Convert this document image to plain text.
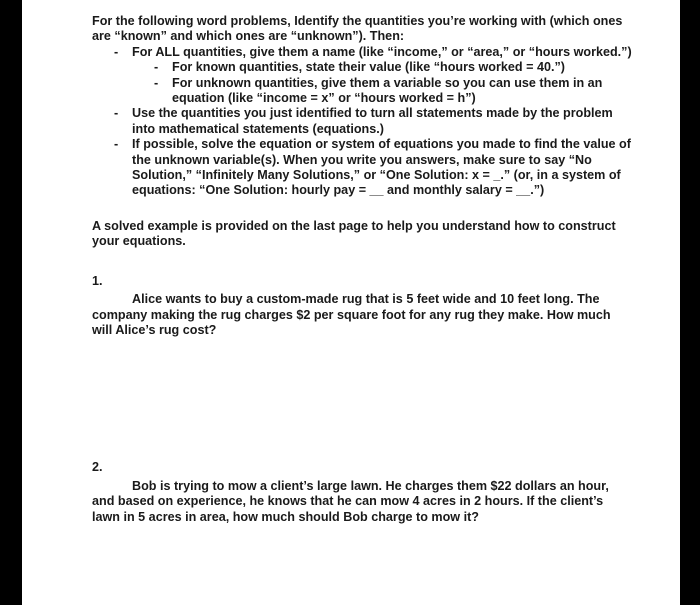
For the following word problems, Identify the quantities you’re working with (which ones are “known” and which ones are “unknown”). Then:

- For ALL quantities, give them a name (like “income,” or “area,” or “hours worked.”)
- For known quantities, state their value (like “hours worked = 40.”)
- For unknown quantities, give them a variable so you can use them in an equation (like “income = x” or “hours worked = h”)
- Use the quantities you just identified to turn all statements made by the problem into mathematical statements (equations.)
- If possible, solve the equation or system of equations you made to find the value of the unknown variable(s). When you write you answers, make sure to say “No Solution,” “Infinitely Many Solutions,” or “One Solution: x = _.” (or, in a system of equations: “One Solution: hourly pay = __ and monthly salary = __.”)

A solved example is provided on the last page to help you understand how to construct your equations.

1.

Alice wants to buy a custom-made rug that is 5 feet wide and 10 feet long. The company making the rug charges $2 per square foot for any rug they make. How much will Alice’s rug cost?

2.

Bob is trying to mow a client’s large lawn. He charges them $22 dollars an hour, and based on experience, he knows that he can mow 4 acres in 2 hours. If the client’s lawn in 5 acres in area, how much should Bob charge to mow it?
